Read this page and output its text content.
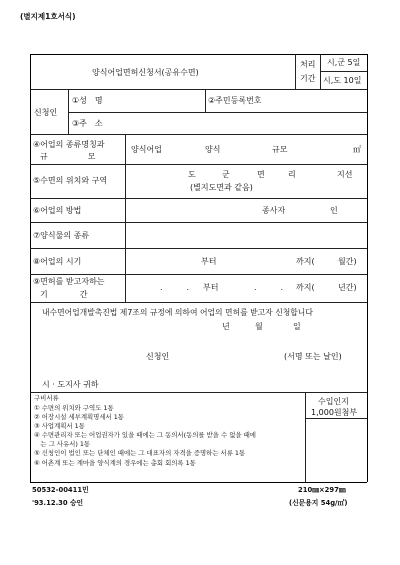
(별지제1호서식)
양식어업면허신청서(공유수면)
처리
기간
시,군 5일
시,도 10일
신청인
①성　명	②주민등록번호
③주　소
④어업의 종류명칭과
규　　　　　모
양식어업	양식	규모	㎡
⑤수면의 위치와 구역
도	군	면	리	지선
(별지도면과 같음)
⑥어업의 방법	종사자	인
⑦양식물의 종류
⑧어업의 시기	부터	까지(	월간)
⑨면허를 받고자하는
기　　　　간
.　　　. 부터	.　　　. 까지(	년간)
내수면어업개발촉진법 제7조의 규정에 의하여 어업의 면허를 받고자 신청합니다
년	월	일
신청인	(서명 또는 날인)
시 · 도지사 귀하
구비서류
① 수면의 위치와 구역도 1통
② 어장시설 세부계획명세서 1통
③ 사업계획서 1통
④ 수면관리자 또는 어업권자가 있을 때에는 그 동의서(동의를 받을 수 없을 때에
　는 그 사유서) 1통
⑤ 신청인이 법인 또는 단체인 때에는 그 대표자의 자격을 증명하는 서류 1통
⑥ 어촌계 또는 계마을 양식계의 경우에는 총회 회의록 1통
수입인지
1,000원첨부
50532-00411민
'93.12.30 승인
210㎜×297㎜
(신문용지 54g/㎡)
